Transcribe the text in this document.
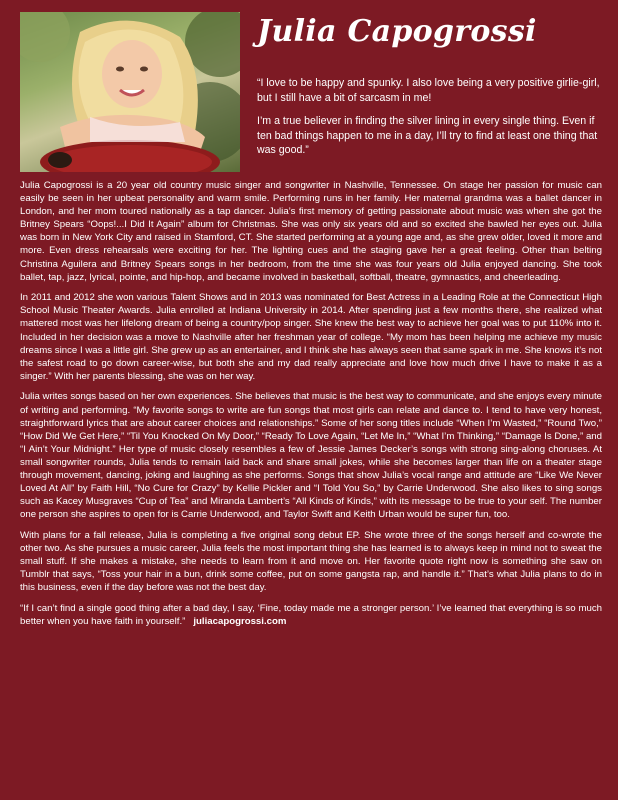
Julia Capogrossi

“I love to be happy and spunky. I also love being a very positive girlie-girl, but I still have a bit of sarcasm in me!

I’m a true believer in finding the silver lining in every single thing. Even if ten bad things happen to me in a day, I’ll try to find at least one thing that was good.”

Julia Capogrossi is a 20 year old country music singer and songwriter in Nashville, Tennessee. On stage her passion for music can easily be seen in her upbeat personality and warm smile. Performing runs in her family. Her maternal grandma was a ballet dancer in London, and her mom toured nationally as a tap dancer. Julia’s first memory of getting passionate about music was when she got the Britney Spears “Oops!...I Did It Again” album for Christmas. She was only six years old and so excited she bawled her eyes out. Julia was born in New York City and raised in Stamford, CT. She started performing at a young age and, as she grew older, loved it more and more. Even dress rehearsals were exciting for her. The lighting cues and the staging gave her a great feeling. Other than belting Christina Aguilera and Britney Spears songs in her bedroom, from the time she was four years old Julia enjoyed dancing. She took ballet, tap, jazz, lyrical, pointe, and hip-hop, and became involved in basketball, softball, theatre, gymnastics, and cheerleading.

In 2011 and 2012 she won various Talent Shows and in 2013 was nominated for Best Actress in a Leading Role at the Connecticut High School Music Theater Awards. Julia enrolled at Indiana University in 2014. After spending just a few months there, she realized what mattered most was her lifelong dream of being a country/pop singer. She knew the best way to achieve her goal was to put 110% into it. Included in her decision was a move to Nashville after her freshman year of college. “My mom has been helping me achieve my music dreams since I was a little girl. She grew up as an entertainer, and I think she has always seen that same spark in me. She knows it’s not the safest road to go down career-wise, but both she and my dad really appreciate and love how much drive I have to make it as a singer.” With her parents blessing, she was on her way.

Julia writes songs based on her own experiences. She believes that music is the best way to communicate, and she enjoys every minute of writing and performing. “My favorite songs to write are fun songs that most girls can relate and dance to. I tend to have very honest, straightforward lyrics that are about career choices and relationships.” Some of her song titles include “When I’m Wasted,” “Round Two,” “How Did We Get Here,” “Til You Knocked On My Door,” “Ready To Love Again, “Let Me In,” “What I’m Thinking,” “Damage Is Done,” and “I Ain’t Your Midnight.” Her type of music closely resembles a few of Jessie James Decker’s songs with strong sing-along choruses. At small songwriter rounds, Julia tends to remain laid back and share small jokes, while she becomes larger than life on a theater stage through movement, dancing, joking and laughing as she performs. Songs that show Julia’s vocal range and attitude are “Like We Never Loved At All” by Faith Hill, “No Cure for Crazy” by Kellie Pickler and “I Told You So,” by Carrie Underwood. She also likes to sing songs such as Kacey Musgraves “Cup of Tea” and Miranda Lambert’s “All Kinds of Kinds,” with its message to be true to your self. The number one person she aspires to open for is Carrie Underwood, and Taylor Swift and Keith Urban would be super fun, too.

With plans for a fall release, Julia is completing a five original song debut EP. She wrote three of the songs herself and co-wrote the other two. As she pursues a music career, Julia feels the most important thing she has learned is to always keep in mind not to sweat the small stuff. If she makes a mistake, she needs to learn from it and move on. Her favorite quote right now is something she saw on Tumblr that says, “Toss your hair in a bun, drink some coffee, put on some gangsta rap, and handle it.” That’s what Julia plans to do in this business, even if the day before was not the best day.

“If I can’t find a single good thing after a bad day, I say, ‘Fine, today made me a stronger person.’ I’ve learned that everything is so much better when you have faith in yourself.” juliacapogrossi.com
